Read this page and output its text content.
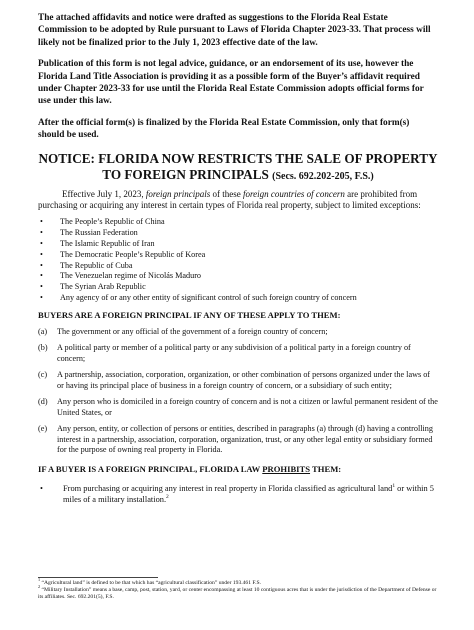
The attached affidavits and notice were drafted as suggestions to the Florida Real Estate Commission to be adopted by Rule pursuant to Laws of Florida Chapter 2023-33. That process will likely not be finalized prior to the July 1, 2023 effective date of the law.

Publication of this form is not legal advice, guidance, or an endorsement of its use, however the Florida Land Title Association is providing it as a possible form of the Buyer’s affidavit required under Chapter 2023-33 for use until the Florida Real Estate Commission adopts official forms for use under this law.

After the official form(s) is finalized by the Florida Real Estate Commission, only that form(s) should be used.

NOTICE: FLORIDA NOW RESTRICTS THE SALE OF PROPERTY TO FOREIGN PRINCIPALS (Secs. 692.202-205, F.S.)

Effective July 1, 2023, foreign principals of these foreign countries of concern are prohibited from purchasing or acquiring any interest in certain types of Florida real property, subject to limited exceptions:

• The People’s Republic of China
• The Russian Federation
• The Islamic Republic of Iran
• The Democratic People’s Republic of Korea
• The Republic of Cuba
• The Venezuelan regime of Nicolás Maduro
• The Syrian Arab Republic
• Any agency of or any other entity of significant control of such foreign country of concern
BUYERS ARE A FOREIGN PRINCIPAL IF ANY OF THESE APPLY TO THEM:
(a) The government or any official of the government of a foreign country of concern;
(b) A political party or member of a political party or any subdivision of a political party in a foreign country of concern;
(c) A partnership, association, corporation, organization, or other combination of persons organized under the laws of or having its principal place of business in a foreign country of concern, or a subsidiary of such entity;
(d) Any person who is domiciled in a foreign country of concern and is not a citizen or lawful permanent resident of the United States, or
(e) Any person, entity, or collection of persons or entities, described in paragraphs (a) through (d) having a controlling interest in a partnership, association, corporation, organization, trust, or any other legal entity or subsidiary formed for the purpose of owning real property in Florida.
IF A BUYER IS A FOREIGN PRINCIPAL, FLORIDA LAW PROHIBITS THEM:
• From purchasing or acquiring any interest in real property in Florida classified as agricultural land$^1$ or within 5 miles of a military installation.$^2$

$^1$ “Agricultural land” is defined to be that which has “agricultural classification” under 193.461 F.S.

$^2$ “Military Installation” means a base, camp, post, station, yard, or center encompassing at least 10 contiguous acres that is under the jurisdiction of the Department of Defense or its affiliates. Sec. 692.201(5), F.S.
